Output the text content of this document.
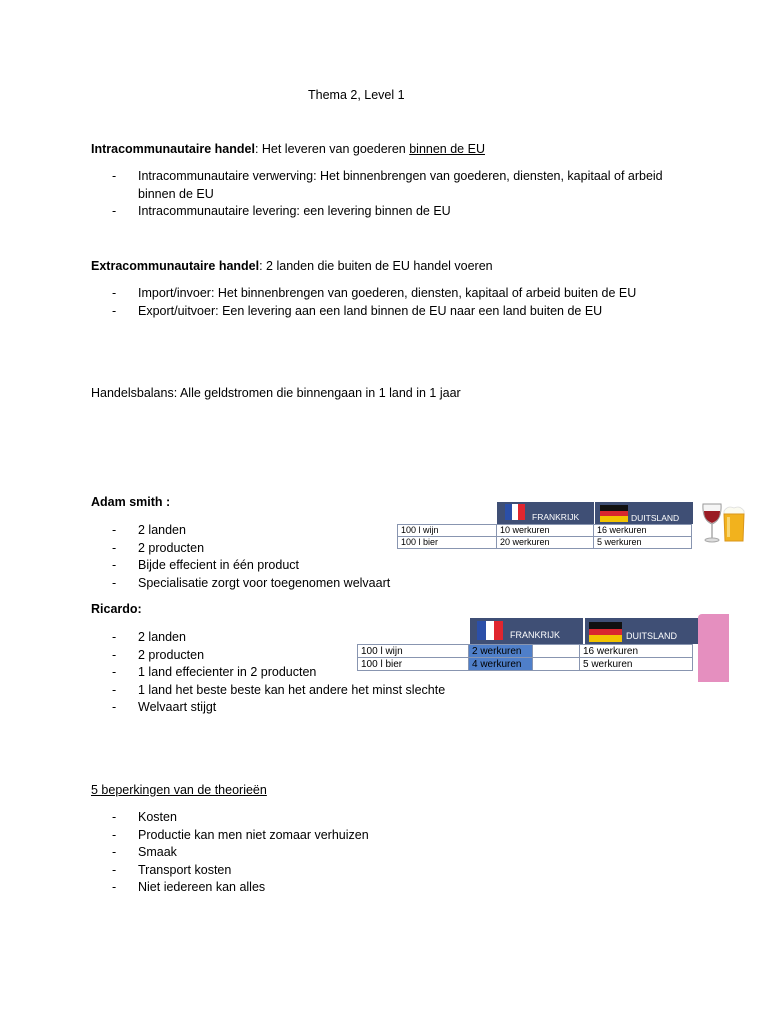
Thema 2, Level 1
Intracommunautaire handel: Het leveren van goederen binnen de EU
- Intracommunautaire verwerving: Het binnenbrengen van goederen, diensten, kapitaal of arbeid binnen de EU
- Intracommunautaire levering: een levering binnen de EU
Extracommunautaire handel: 2 landen die buiten de EU handel voeren
- Import/invoer: Het binnenbrengen van goederen, diensten, kapitaal of arbeid buiten de EU
- Export/uitvoer: Een levering aan een land binnen de EU naar een land buiten de EU
Handelsbalans: Alle geldstromen die binnengaan in 1 land in 1 jaar
Adam smith :
- 2 landen
- 2 producten
- Bijde effecient in één product
- Specialisatie zorgt voor toegenomen welvaart
FRANKRIJK	DUITSLAND
100 l wijn	10 werkuren	16 werkuren
100 l bier	20 werkuren	5 werkuren
Ricardo:
- 2 landen
- 2 producten
- 1 land effecienter in 2 producten
- 1 land het beste beste kan het andere het minst slechte
- Welvaart stijgt
FRANKRIJK	DUITSLAND
100 l wijn	2 werkuren		16 werkuren
100 l bier	4 werkuren		5 werkuren
5 beperkingen van de theorieën
- Kosten
- Productie kan men niet zomaar verhuizen
- Smaak
- Transport kosten
- Niet iedereen kan alles
